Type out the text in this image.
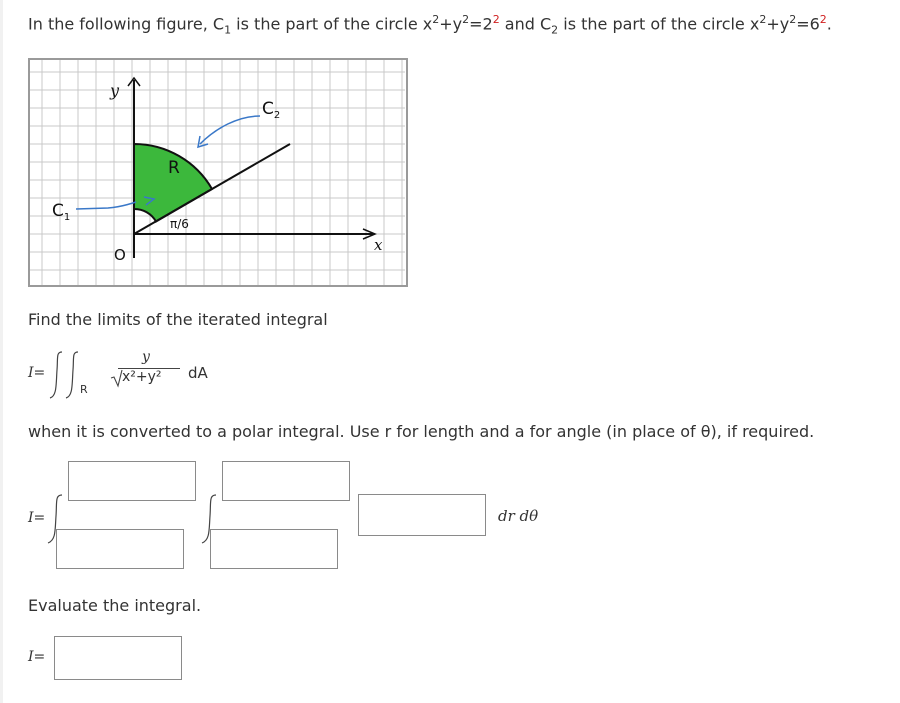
In the following figure, $C_1$ is the part of the circle $x^2+y^2=2^2$ and $C_2$ is the part of the circle $x^2+y^2=6^2$.
y
x
O
R
π/6
$C_1$
$C_2$
Find the limits of the iterated integral
I=
R
y
x²+y² dA
when it is converted to a polar integral. Use r for length and a for angle (in place of θ), if required.
I=	dr dθ
Evaluate the integral.
I=
